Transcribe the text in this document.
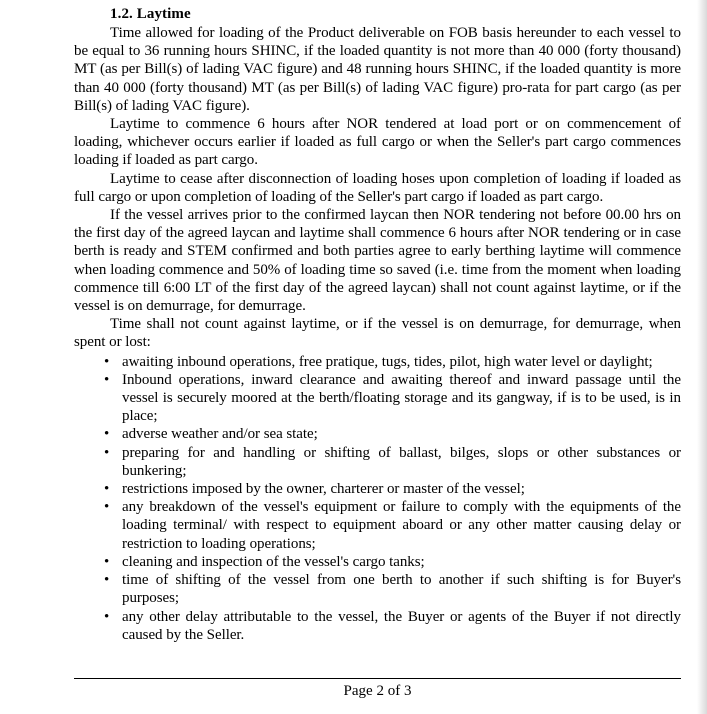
1.2. Laytime

Time allowed for loading of the Product deliverable on FOB basis hereunder to each vessel to be equal to 36 running hours SHINC, if the loaded quantity is not more than 40 000 (forty thousand) MT (as per Bill(s) of lading VAC figure) and 48 running hours SHINC, if the loaded quantity is more than 40 000 (forty thousand) MT (as per Bill(s) of lading VAC figure) pro-rata for part cargo (as per Bill(s) of lading VAC figure).

Laytime to commence 6 hours after NOR tendered at load port or on commencement of loading, whichever occurs earlier if loaded as full cargo or when the Seller's part cargo commences loading if loaded as part cargo.

Laytime to cease after disconnection of loading hoses upon completion of loading if loaded as full cargo or upon completion of loading of the Seller's part cargo if loaded as part cargo.

If the vessel arrives prior to the confirmed laycan then NOR tendering not before 00.00 hrs on the first day of the agreed laycan and laytime shall commence 6 hours after NOR tendering or in case berth is ready and STEM confirmed and both parties agree to early berthing laytime will commence when loading commence and 50% of loading time so saved (i.e. time from the moment when loading commence till 6:00 LT of the first day of the agreed laycan) shall not count against laytime, or if the vessel is on demurrage, for demurrage.

Time shall not count against laytime, or if the vessel is on demurrage, for demurrage, when spent or lost:

• awaiting inbound operations, free pratique, tugs, tides, pilot, high water level or daylight;
• Inbound operations, inward clearance and awaiting thereof and inward passage until the vessel is securely moored at the berth/floating storage and its gangway, if is to be used, is in place;
• adverse weather and/or sea state;
• preparing for and handling or shifting of ballast, bilges, slops or other substances or bunkering;
• restrictions imposed by the owner, charterer or master of the vessel;
• any breakdown of the vessel's equipment or failure to comply with the equipments of the loading terminal/ with respect to equipment aboard or any other matter causing delay or restriction to loading operations;
• cleaning and inspection of the vessel's cargo tanks;
• time of shifting of the vessel from one berth to another if such shifting is for Buyer's purposes;
• any other delay attributable to the vessel, the Buyer or agents of the Buyer if not directly caused by the Seller.
Page 2 of 3
